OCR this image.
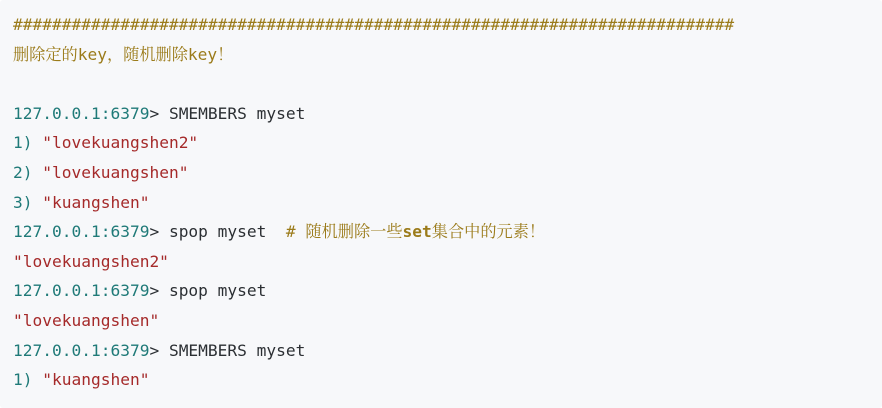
##########################################################################
删除定的key，随机删除key！

127.0.0.1:6379> SMEMBERS myset
1) "lovekuangshen2"
2) "lovekuangshen"
3) "kuangshen"
127.0.0.1:6379> spop myset  # 随机删除一些set集合中的元素！
"lovekuangshen2"
127.0.0.1:6379> spop myset
"lovekuangshen"
127.0.0.1:6379> SMEMBERS myset
1) "kuangshen"
